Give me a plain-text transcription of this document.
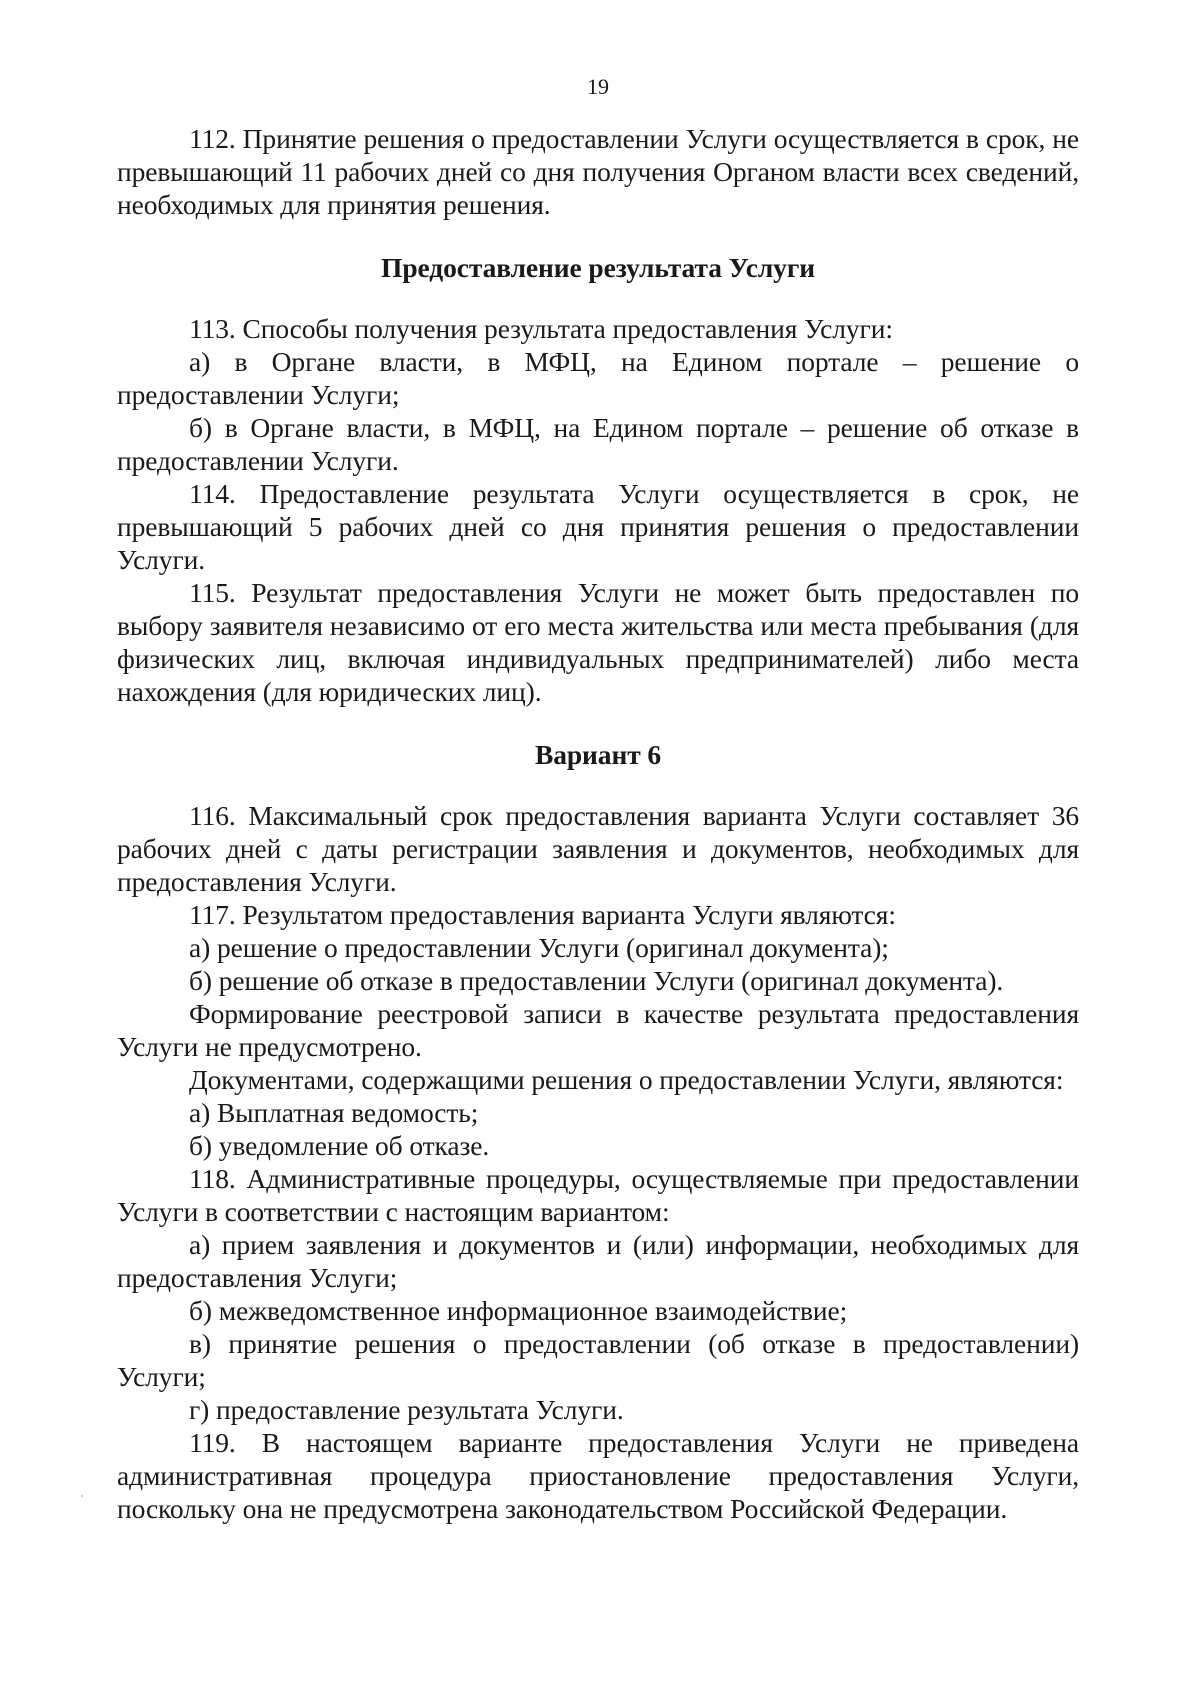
19

112. Принятие решения о предоставлении Услуги осуществляется в срок, не превышающий 11 рабочих дней со дня получения Органом власти всех сведений, необходимых для принятия решения.

Предоставление результата Услуги

113. Способы получения результата предоставления Услуги:

а) в Органе власти, в МФЦ, на Едином портале – решение о предоставлении Услуги;

б) в Органе власти, в МФЦ, на Едином портале – решение об отказе в предоставлении Услуги.

114. Предоставление результата Услуги осуществляется в срок, не превышающий 5 рабочих дней со дня принятия решения о предоставлении Услуги.

115. Результат предоставления Услуги не может быть предоставлен по выбору заявителя независимо от его места жительства или места пребывания (для физических лиц, включая индивидуальных предпринимателей) либо места нахождения (для юридических лиц).

Вариант 6

116. Максимальный срок предоставления варианта Услуги составляет 36 рабочих дней с даты регистрации заявления и документов, необходимых для предоставления Услуги.

117. Результатом предоставления варианта Услуги являются:

а) решение о предоставлении Услуги (оригинал документа);

б) решение об отказе в предоставлении Услуги (оригинал документа).

Формирование реестровой записи в качестве результата предоставления Услуги не предусмотрено.

Документами, содержащими решения о предоставлении Услуги, являются:

а) Выплатная ведомость;

б) уведомление об отказе.

118. Административные процедуры, осуществляемые при предоставлении Услуги в соответствии с настоящим вариантом:

а) прием заявления и документов и (или) информации, необходимых для предоставления Услуги;

б) межведомственное информационное взаимодействие;

в) принятие решения о предоставлении (об отказе в предоставлении) Услуги;

г) предоставление результата Услуги.

119. В настоящем варианте предоставления Услуги не приведена административная процедура приостановление предоставления Услуги, поскольку она не предусмотрена законодательством Российской Федерации.
